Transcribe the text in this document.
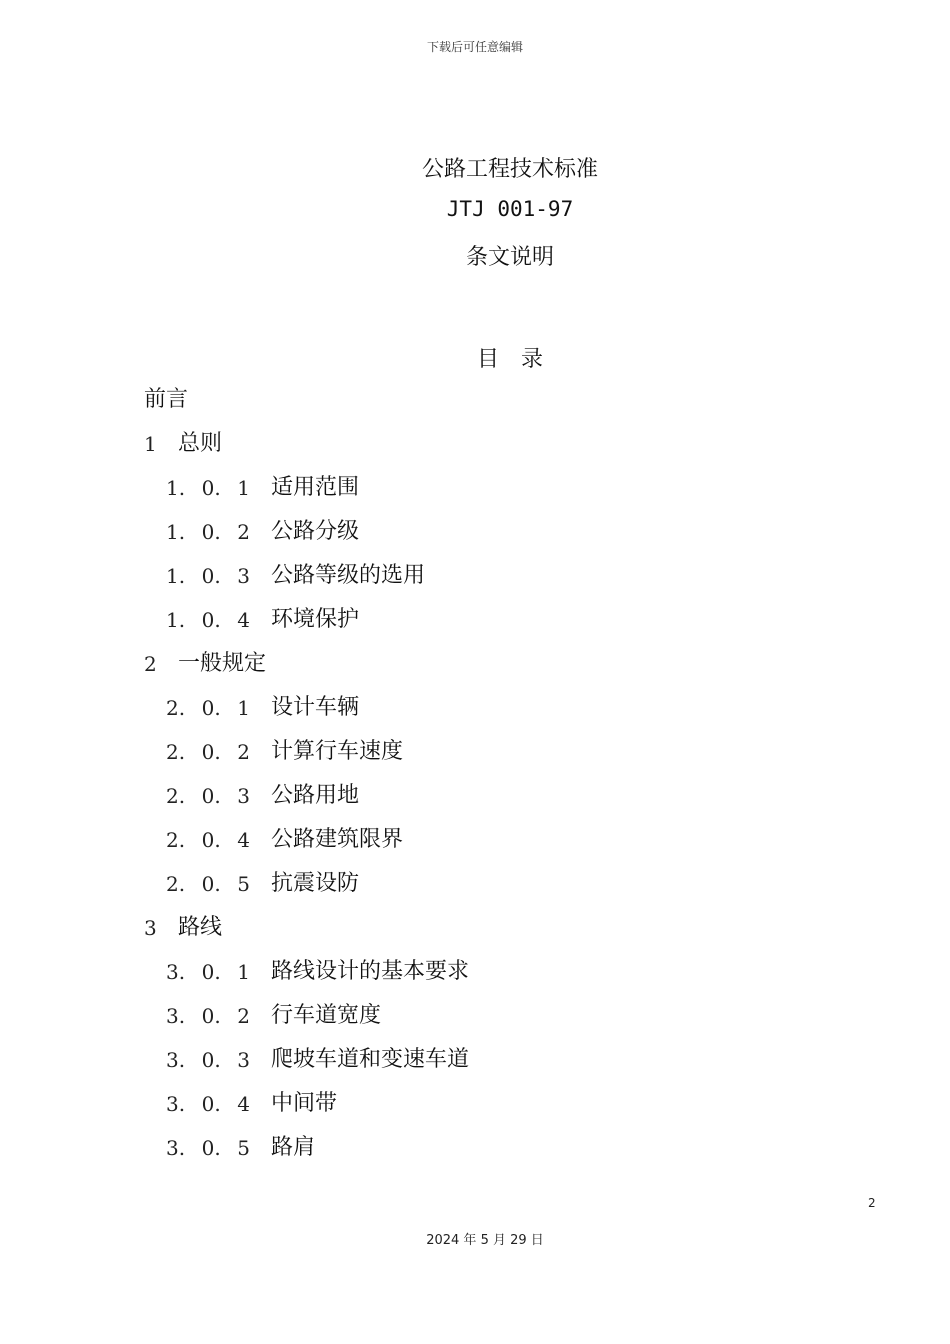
下载后可任意编辑
公路工程技术标准
JTJ 001-97
条文说明
目 录
前言
1 总则
1. 0. 1 适用范围
1. 0. 2 公路分级
1. 0. 3 公路等级的选用
1. 0. 4 环境保护
2 一般规定
2. 0. 1 设计车辆
2. 0. 2 计算行车速度
2. 0. 3 公路用地
2. 0. 4 公路建筑限界
2. 0. 5 抗震设防
3 路线
3. 0. 1 路线设计的基本要求
3. 0. 2 行车道宽度
3. 0. 3 爬坡车道和变速车道
3. 0. 4 中间带
3. 0. 5 路肩
2
2024 年 5 月 29 日
